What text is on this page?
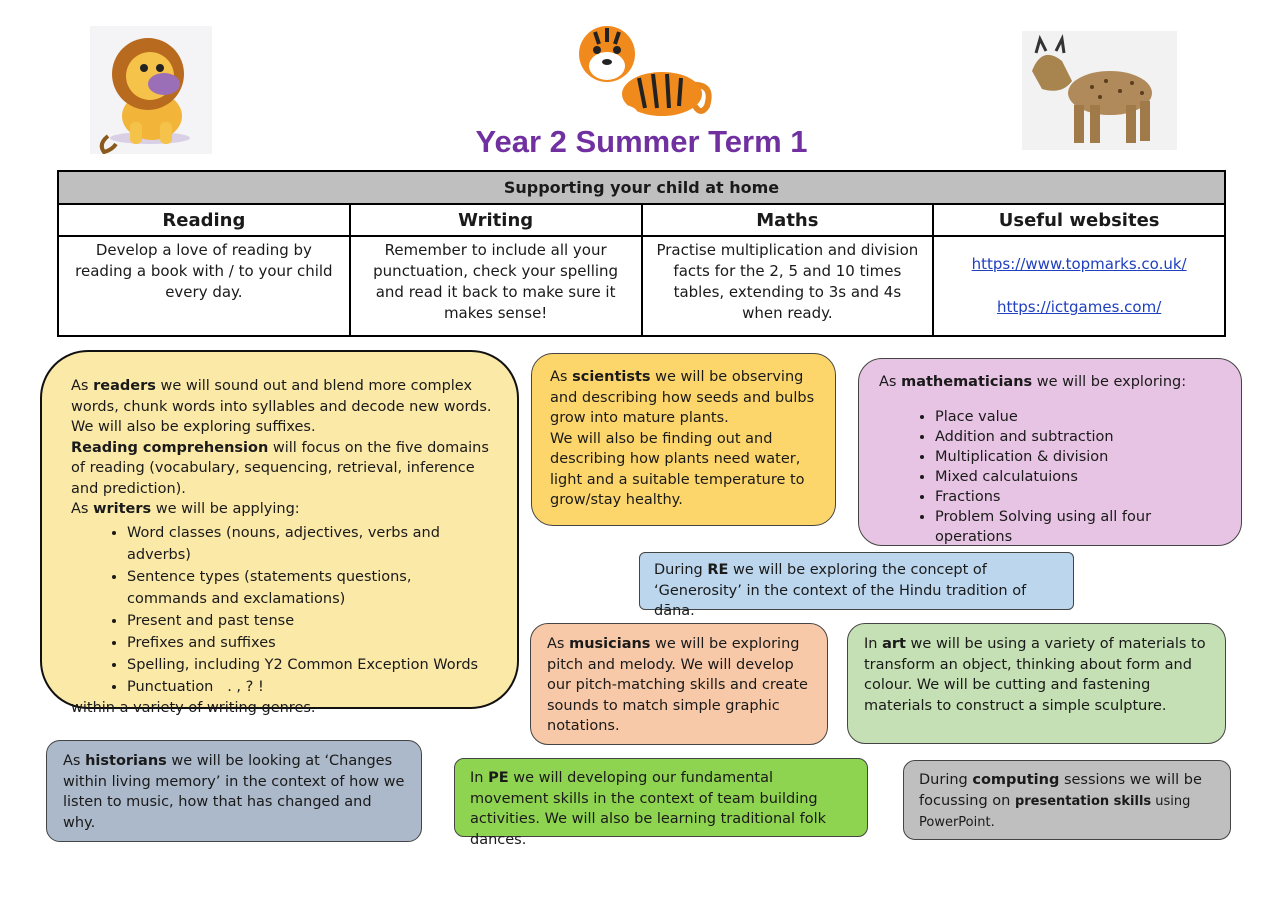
Year 2 Summer Term 1
Supporting your child at home			
Reading	Writing	Maths	Useful websites
Develop a love of reading by reading a book with / to your child every day.	Remember to include all your punctuation, check your spelling and read it back to make sure it makes sense!	Practise multiplication and division facts for the 2, 5 and 10 times tables, extending to 3s and 4s when ready.	https://www.topmarks.co.uk/
https://ictgames.com/
As readers we will sound out and blend more complex words, chunk words into syllables and decode new words. We will also be exploring suffixes.
Reading comprehension will focus on the five domains of reading (vocabulary, sequencing, retrieval, inference and prediction).
As writers we will be applying:
• Word classes (nouns, adjectives, verbs and adverbs)
• Sentence types (statements questions, commands and exclamations)
• Present and past tense
• Prefixes and suffixes
• Spelling, including Y2 Common Exception Words
• Punctuation   . , ? !
within a variety of writing genres.
As scientists we will be observing and describing how seeds and bulbs grow into mature plants.
We will also be finding out and describing how plants need water, light and a suitable temperature to grow/stay healthy.
As mathematicians we will be exploring:
• Place value
• Addition and subtraction
• Multiplication & division
• Mixed calculatuions
• Fractions
• Problem Solving using all four operations
During RE we will be exploring the concept of ‘Generosity’ in the context of the Hindu tradition of dāna.
As musicians we will be exploring pitch and melody. We will develop our pitch-matching skills and create sounds to match simple graphic notations.
In art we will be using a variety of materials to transform an object, thinking about form and colour. We will be cutting and fastening materials to construct a simple sculpture.
As historians we will be looking at ‘Changes within living memory’ in the context of how we listen to music, how that has changed and why.
In PE we will developing our fundamental movement skills in the context of team building activities. We will also be learning traditional folk dances.
During computing sessions we will be focussing on presentation skills using PowerPoint.
